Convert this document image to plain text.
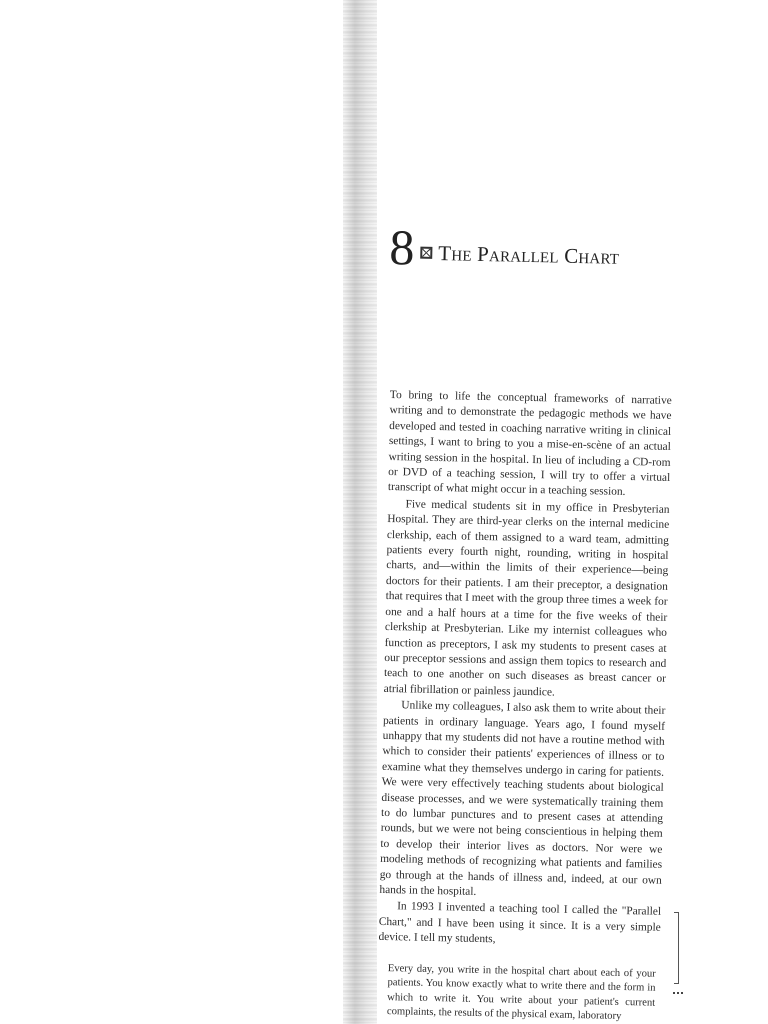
8 The Parallel Chart

To bring to life the conceptual frameworks of narrative writing and to demonstrate the pedagogic methods we have developed and tested in coaching narrative writing in clinical settings, I want to bring to you a mise-en-scène of an actual writing session in the hospital. In lieu of including a CD-rom or DVD of a teaching session, I will try to offer a virtual transcript of what might occur in a teaching session.

Five medical students sit in my office in Presbyterian Hospital. They are third-year clerks on the internal medicine clerkship, each of them assigned to a ward team, admitting patients every fourth night, rounding, writing in hospital charts, and—within the limits of their experience—being doctors for their patients. I am their preceptor, a designation that requires that I meet with the group three times a week for one and a half hours at a time for the five weeks of their clerkship at Presbyterian. Like my internist colleagues who function as preceptors, I ask my students to present cases at our preceptor sessions and assign them topics to research and teach to one another on such diseases as breast cancer or atrial fibrillation or painless jaundice.

Unlike my colleagues, I also ask them to write about their patients in ordinary language. Years ago, I found myself unhappy that my students did not have a routine method with which to consider their patients' experiences of illness or to examine what they themselves undergo in caring for patients. We were very effectively teaching students about biological disease processes, and we were systematically training them to do lumbar punctures and to present cases at attending rounds, but we were not being conscientious in helping them to develop their interior lives as doctors. Nor were we modeling methods of recognizing what patients and families go through at the hands of illness and, indeed, at our own hands in the hospital.

In 1993 I invented a teaching tool I called the "Parallel Chart," and I have been using it since. It is a very simple device. I tell my students,

Every day, you write in the hospital chart about each of your patients. You know exactly what to write there and the form in which to write it. You write about your patient's current complaints, the results of the physical exam, laboratory
